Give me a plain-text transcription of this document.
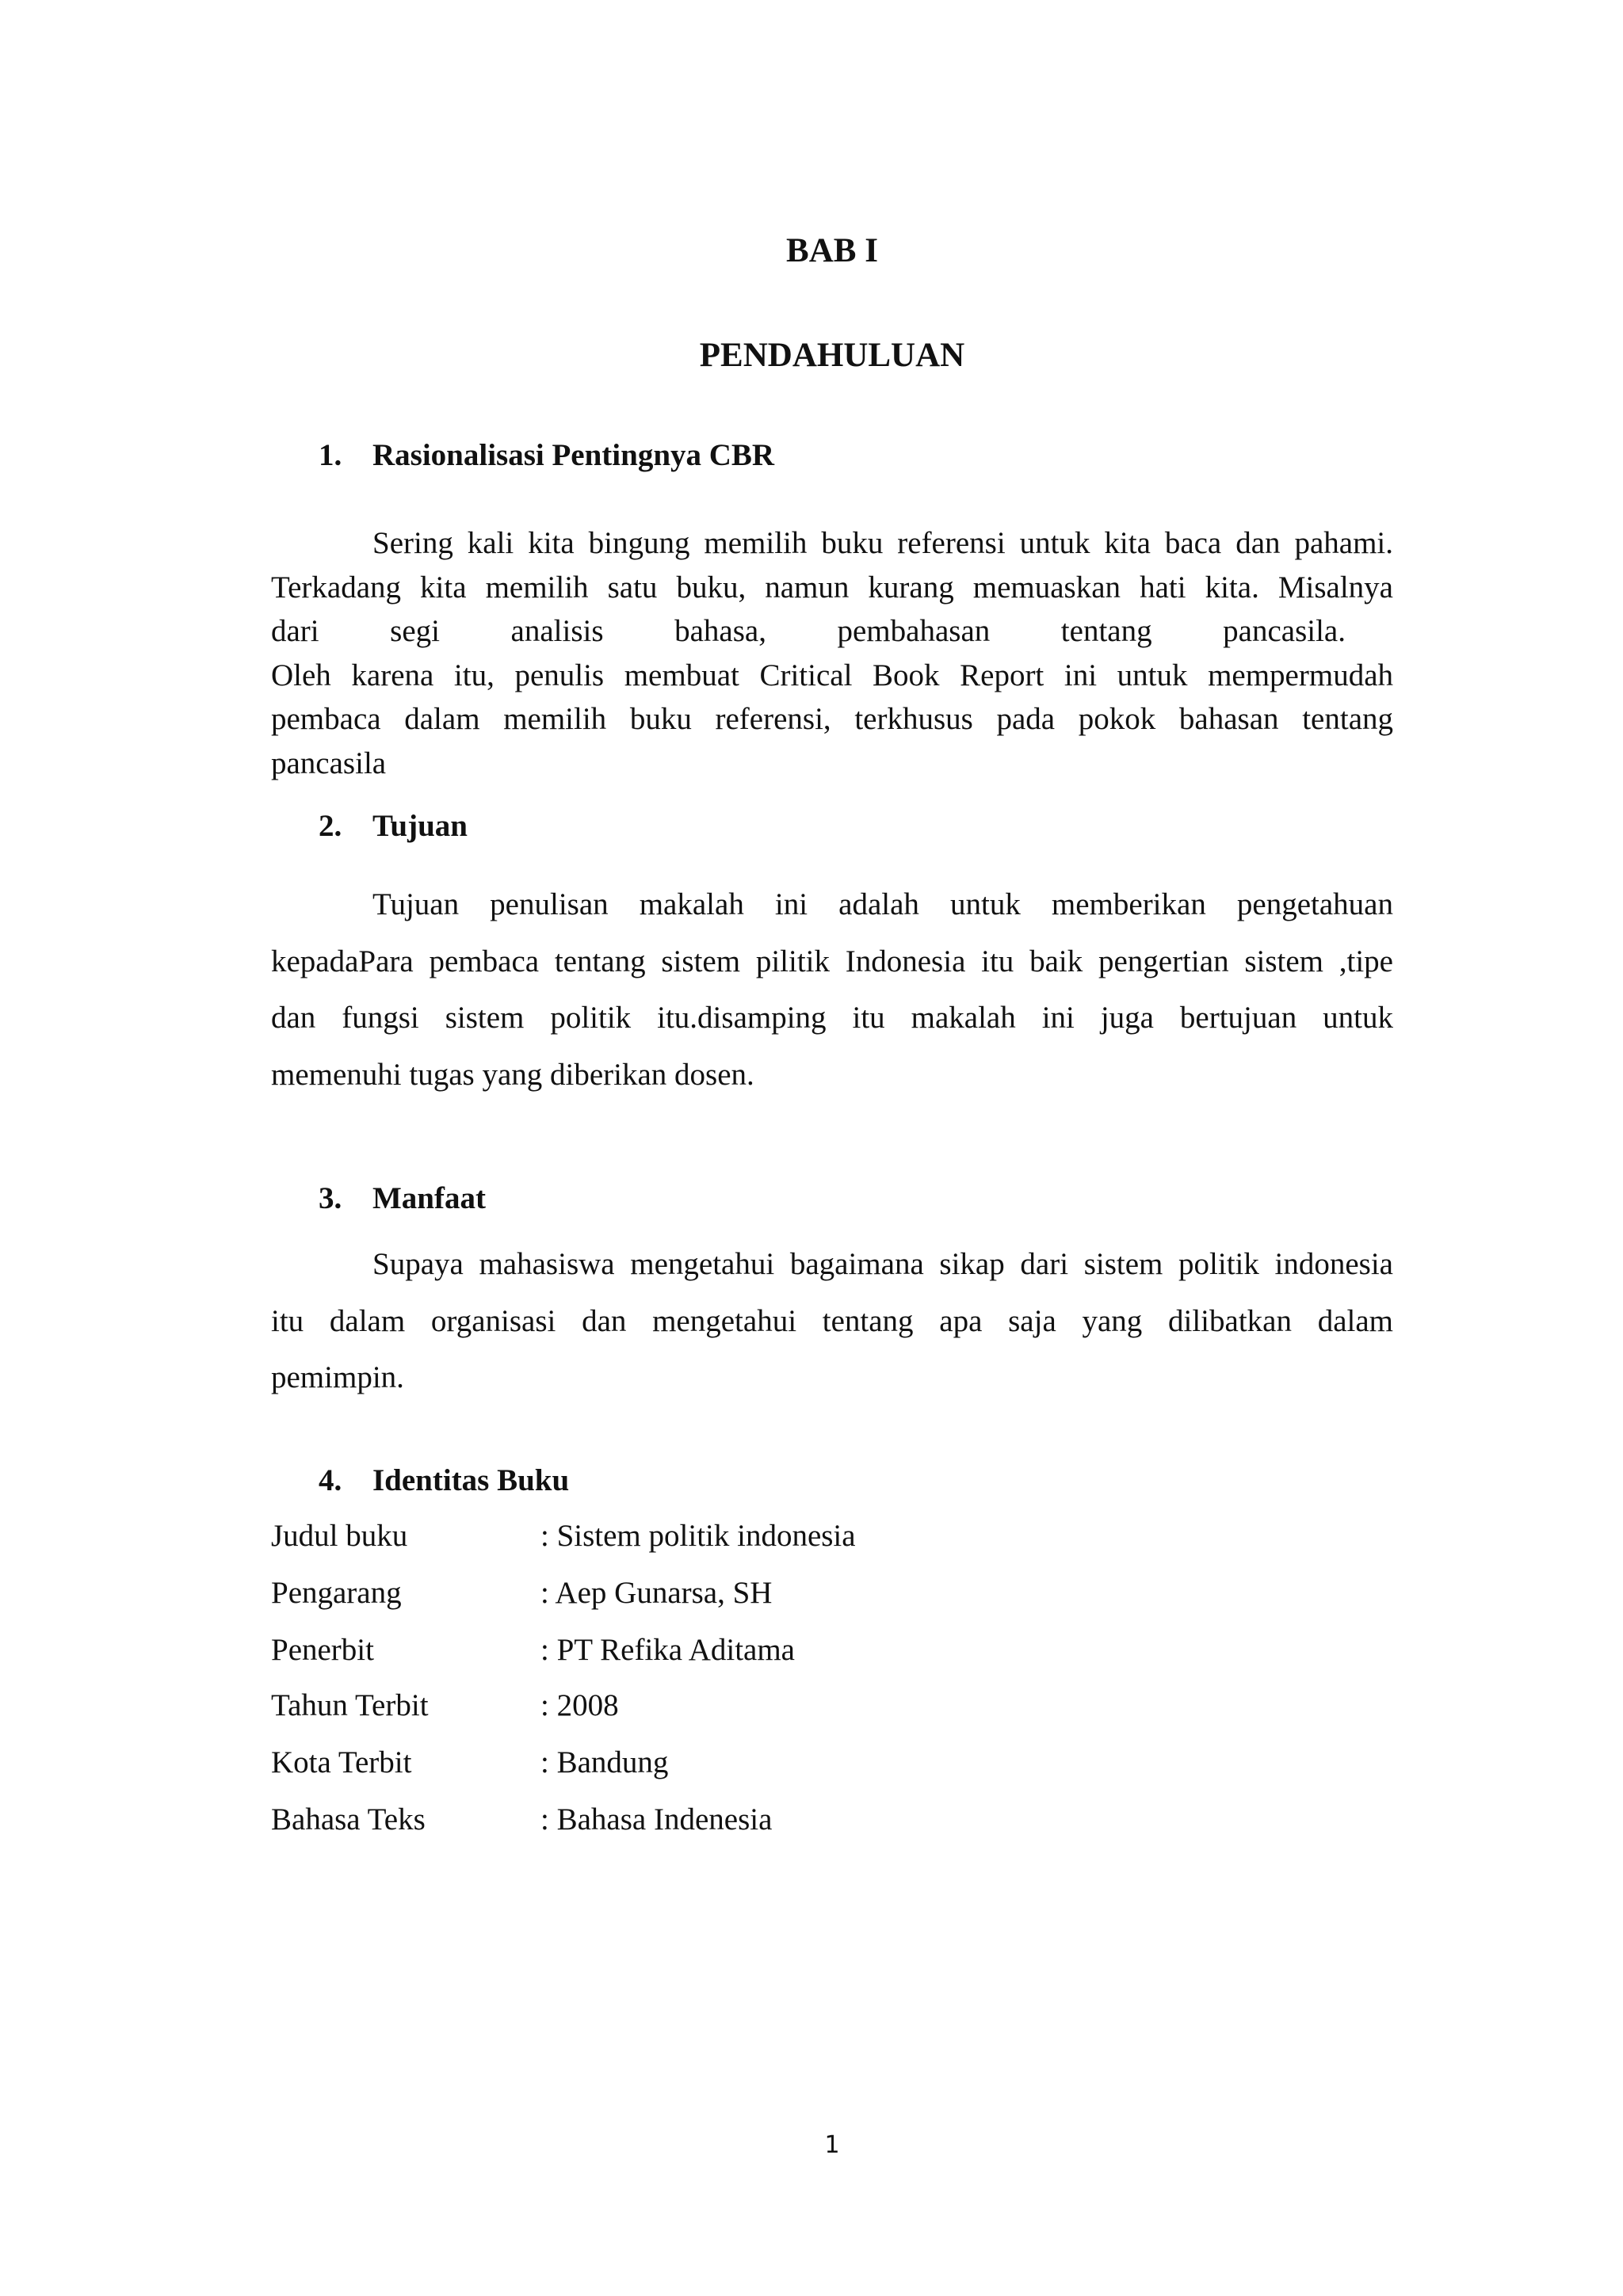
BAB I
PENDAHULUAN
1. Rasionalisasi Pentingnya CBR
Sering kali kita bingung memilih buku referensi untuk kita baca dan pahami.
Terkadang kita memilih satu buku, namun kurang memuaskan hati kita. Misalnya
dari segi analisis bahasa, pembahasan tentang pancasila.
Oleh karena itu, penulis membuat Critical Book Report ini untuk mempermudah
pembaca dalam memilih buku referensi, terkhusus pada pokok bahasan tentang
pancasila
2. Tujuan
Tujuan penulisan makalah ini adalah untuk memberikan pengetahuan
kepadaPara pembaca tentang sistem pilitik Indonesia itu baik pengertian sistem ,tipe
dan fungsi sistem politik itu.disamping itu makalah ini juga bertujuan untuk
memenuhi tugas yang diberikan dosen.
3. Manfaat
Supaya mahasiswa mengetahui bagaimana sikap dari sistem politik indonesia
itu dalam organisasi dan mengetahui tentang apa saja yang dilibatkan dalam
pemimpin.
4. Identitas Buku
Judul buku	: Sistem politik indonesia
Pengarang	: Aep Gunarsa, SH
Penerbit	: PT Refika Aditama
Tahun Terbit	: 2008
Kota Terbit	: Bandung
Bahasa Teks	: Bahasa Indenesia
1
